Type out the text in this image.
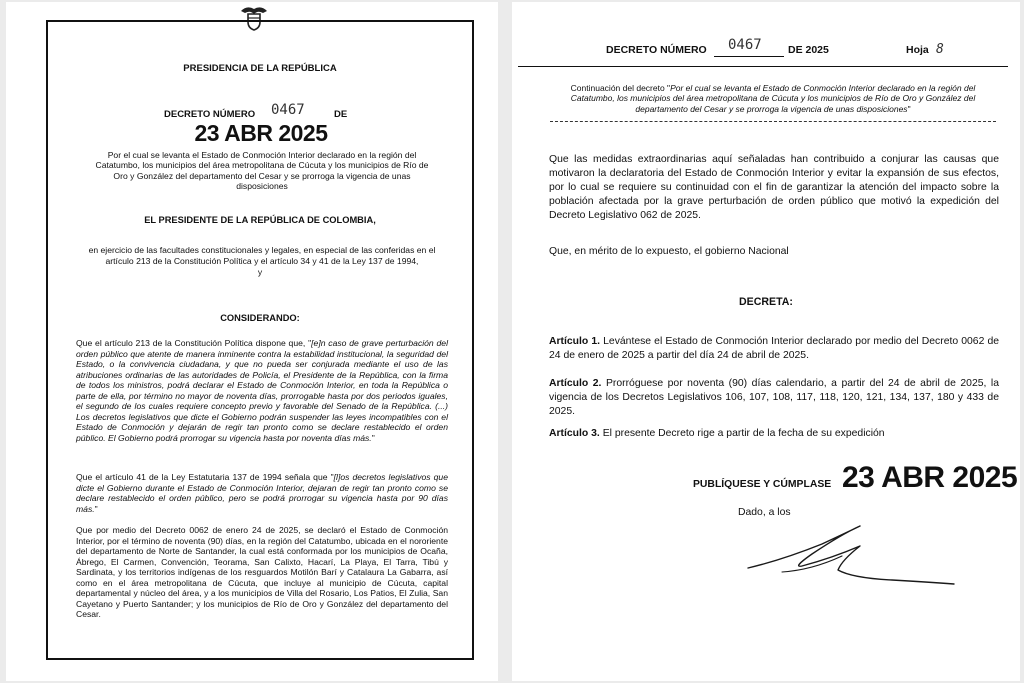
PRESIDENCIA DE LA REPÚBLICA
DECRETO NÚMERO 0467	DE
23 ABR 2025
Por el cual se levanta el Estado de Conmoción Interior declarado en la región del Catatumbo, los municipios del área metropolitana de Cúcuta y los municipios de Río de Oro y González del departamento del Cesar y se prorroga la vigencia de unas disposiciones
EL PRESIDENTE DE LA REPÚBLICA DE COLOMBIA,
en ejercicio de las facultades constitucionales y legales, en especial de las conferidas en el artículo 213 de la Constitución Política y el artículo 34 y 41 de la Ley 137 de 1994,
y
CONSIDERANDO:
Que el artículo 213 de la Constitución Política dispone que, "[e]n caso de grave perturbación del orden público que atente de manera inminente contra la estabilidad institucional, la seguridad del Estado, o la convivencia ciudadana, y que no pueda ser conjurada mediante el uso de las atribuciones ordinarias de las autoridades de Policía, el Presidente de la República, con la firma de todos los ministros, podrá declarar el Estado de Conmoción Interior, en toda la República o parte de ella, por término no mayor de noventa días, prorrogable hasta por dos periodos iguales, el segundo de los cuales requiere concepto previo y favorable del Senado de la República. (...) Los decretos legislativos que dicte el Gobierno podrán suspender las leyes incompatibles con el Estado de Conmoción y dejarán de regir tan pronto como se declare restablecido el orden público. El Gobierno podrá prorrogar su vigencia hasta por noventa días más."
Que el artículo 41 de la Ley Estatutaria 137 de 1994 señala que "[l]os decretos legislativos que dicte el Gobierno durante el Estado de Conmoción Interior, dejaran de regir tan pronto como se declare restablecido el orden público, pero se podrá prorrogar su vigencia hasta por 90 días más."
Que por medio del Decreto 0062 de enero 24 de 2025, se declaró el Estado de Conmoción Interior, por el término de noventa (90) días, en la región del Catatumbo, ubicada en el nororiente del departamento de Norte de Santander, la cual está conformada por los municipios de Ocaña, Ábrego, El Carmen, Convención, Teorama, San Calixto, Hacarí, La Playa, El Tarra, Tibú y Sardinata, y los territorios indígenas de los resguardos Motilón Barí y Catalaura La Gabarra, así como en el área metropolitana de Cúcuta, que incluye al municipio de Cúcuta, capital departamental y núcleo del área, y a los municipios de Villa del Rosario, Los Patios, El Zulia, San Cayetano y Puerto Santander; y los municipios de Río de Oro y González del departamento del Cesar.
DECRETO NÚMERO 0467	DE 2025	Hoja 8
Continuación del decreto "Por el cual se levanta el Estado de Conmoción Interior declarado en la región del Catatumbo, los municipios del área metropolitana de Cúcuta y los municipios de Río de Oro y González del departamento del Cesar y se prorroga la vigencia de unas disposiciones"
Que las medidas extraordinarias aquí señaladas han contribuido a conjurar las causas que motivaron la declaratoria del Estado de Conmoción Interior y evitar la expansión de sus efectos, por lo cual se requiere su continuidad con el fin de garantizar la atención del impacto sobre la población afectada por la grave perturbación de orden público que motivó la expedición del Decreto Legislativo 062 de 2025.
Que, en mérito de lo expuesto, el gobierno Nacional
DECRETA:
Artículo 1. Levántese el Estado de Conmoción Interior declarado por medio del Decreto 0062 de 24 de enero de 2025 a partir del día 24 de abril de 2025.
Artículo 2. Prorróguese por noventa (90) días calendario, a partir del 24 de abril de 2025, la vigencia de los Decretos Legislativos 106, 107, 108, 117, 118, 120, 121, 134, 137, 180 y 433 de 2025.
Artículo 3. El presente Decreto rige a partir de la fecha de su expedición
PUBLÍQUESE Y CÚMPLASE 23 ABR 2025
Dado, a los
